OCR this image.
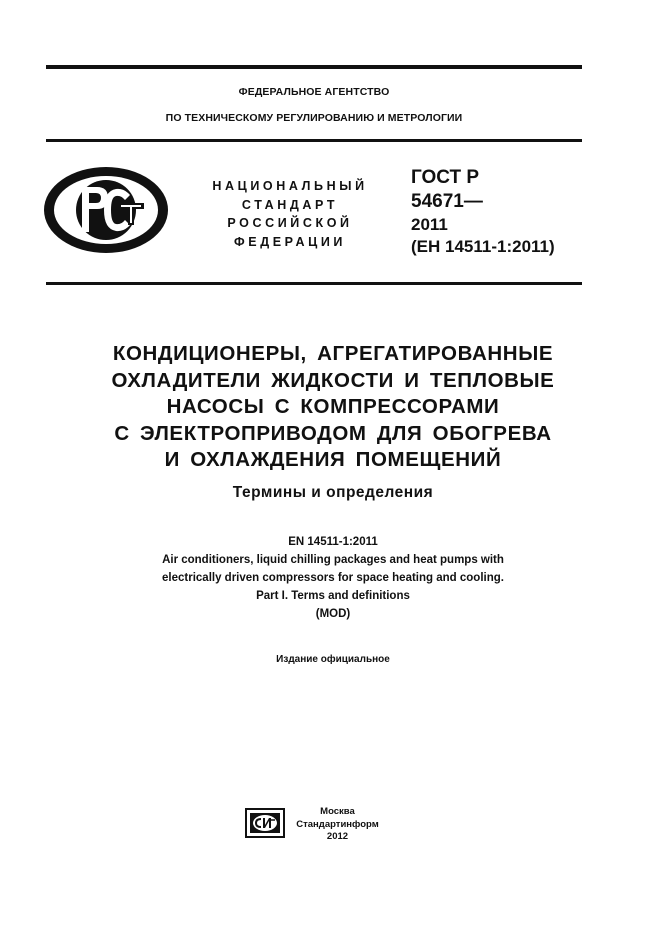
ФЕДЕРАЛЬНОЕ АГЕНТСТВО
ПО ТЕХНИЧЕСКОМУ РЕГУЛИРОВАНИЮ И МЕТРОЛОГИИ
НАЦИОНАЛЬНЫЙ
СТАНДАРТ
РОССИЙСКОЙ
ФЕДЕРАЦИИ
ГОСТ Р
54671—
2011
(ЕН 14511-1:2011)
КОНДИЦИОНЕРЫ, АГРЕГАТИРОВАННЫЕ
ОХЛАДИТЕЛИ ЖИДКОСТИ И ТЕПЛОВЫЕ
НАСОСЫ С КОМПРЕССОРАМИ
С ЭЛЕКТРОПРИВОДОМ ДЛЯ ОБОГРЕВА
И ОХЛАЖДЕНИЯ ПОМЕЩЕНИЙ
Термины и определения
EN 14511-1:2011
Air conditioners, liquid chilling packages and heat pumps with
electrically driven compressors for space heating and cooling.
Part I. Terms and definitions
(MOD)
Издание официальное
Москва
Стандартинформ
2012
